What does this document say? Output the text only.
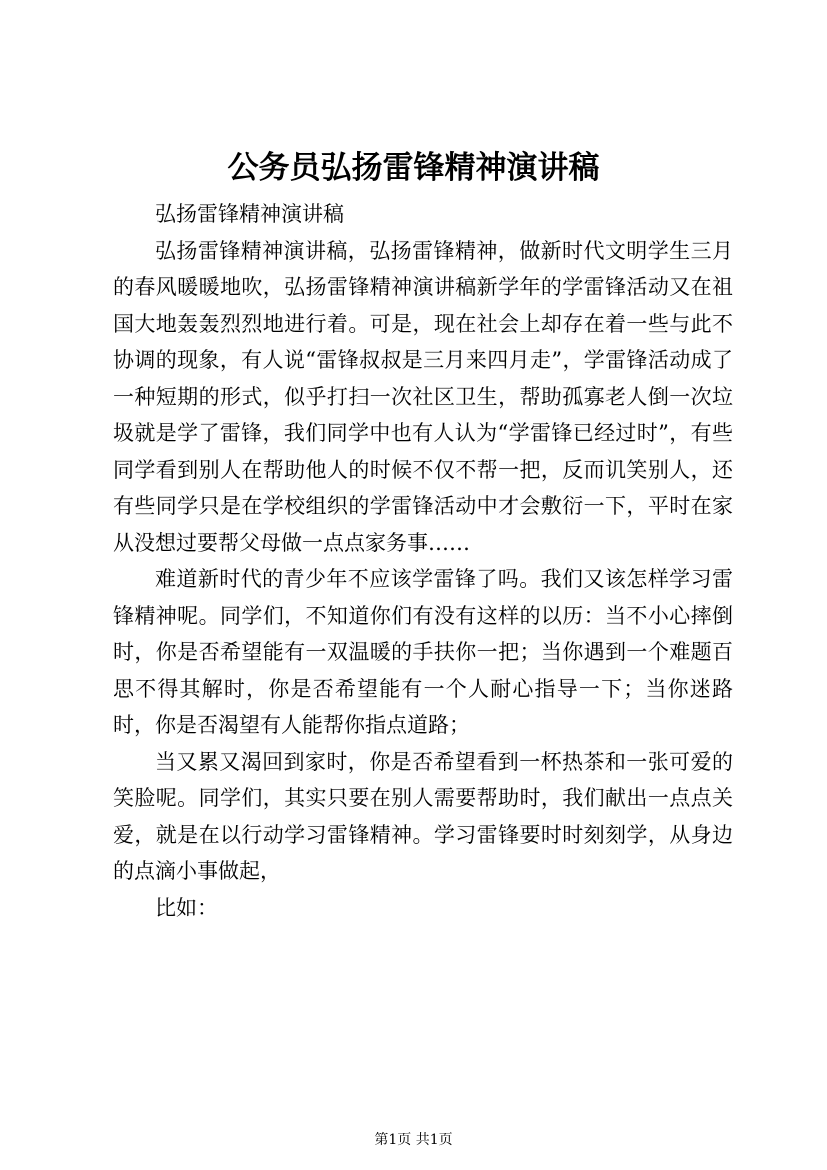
公务员弘扬雷锋精神演讲稿

弘扬雷锋精神演讲稿

弘扬雷锋精神演讲稿，弘扬雷锋精神，做新时代文明学生三月的春风暖暖地吹，弘扬雷锋精神演讲稿新学年的学雷锋活动又在祖国大地轰轰烈烈地进行着。可是，现在社会上却存在着一些与此不协调的现象，有人说“雷锋叔叔是三月来四月走”，学雷锋活动成了一种短期的形式，似乎打扫一次社区卫生，帮助孤寡老人倒一次垃圾就是学了雷锋，我们同学中也有人认为“学雷锋已经过时”，有些同学看到别人在帮助他人的时候不仅不帮一把，反而讥笑别人，还有些同学只是在学校组织的学雷锋活动中才会敷衍一下，平时在家从没想过要帮父母做一点点家务事……

难道新时代的青少年不应该学雷锋了吗。我们又该怎样学习雷锋精神呢。同学们，不知道你们有没有这样的以历：当不小心摔倒时，你是否希望能有一双温暖的手扶你一把；当你遇到一个难题百思不得其解时，你是否希望能有一个人耐心指导一下；当你迷路时，你是否渴望有人能帮你指点道路；

当又累又渴回到家时，你是否希望看到一杯热茶和一张可爱的笑脸呢。同学们，其实只要在别人需要帮助时，我们献出一点点关爱，就是在以行动学习雷锋精神。学习雷锋要时时刻刻学，从身边的点滴小事做起，

比如：

第1页 共1页
